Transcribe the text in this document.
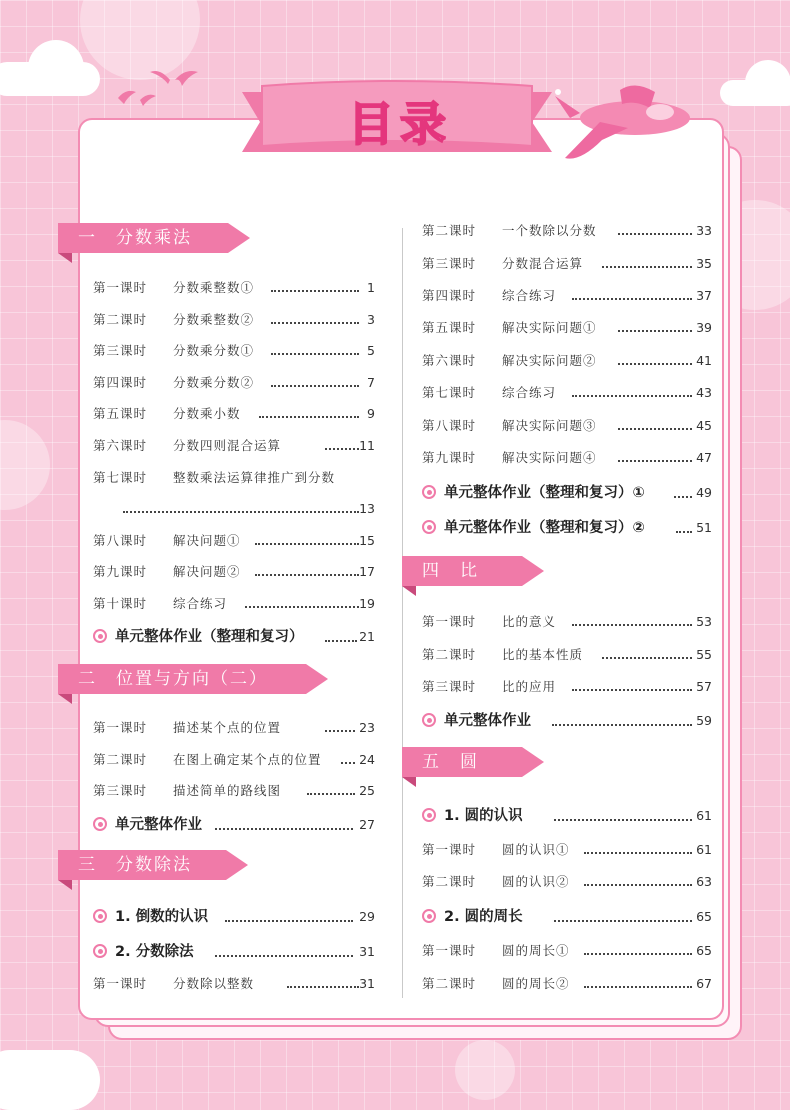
目录
一　分数乘法
第一课时 分数乘整数①	1
第二课时 分数乘整数②	3
第三课时 分数乘分数①	5
第四课时 分数乘分数②	7
第五课时 分数乘小数	9
第六课时 分数四则混合运算	11
第七课时 整数乘法运算律推广到分数
13
第八课时 解决问题①	15
第九课时 解决问题②	17
第十课时 综合练习	19
单元整体作业（整理和复习）	21
二　位置与方向（二）
第一课时 描述某个点的位置	23
第二课时 在图上确定某个点的位置	24
第三课时 描述简单的路线图	25
单元整体作业	27
三　分数除法
1. 倒数的认识	29
2. 分数除法	31
第一课时 分数除以整数	31
第二课时 一个数除以分数	33
第三课时 分数混合运算	35
第四课时 综合练习	37
第五课时 解决实际问题①	39
第六课时 解决实际问题②	41
第七课时 综合练习	43
第八课时 解决实际问题③	45
第九课时 解决实际问题④	47
单元整体作业（整理和复习）①	49
单元整体作业（整理和复习）②	51
四　比
第一课时 比的意义	53
第二课时 比的基本性质	55
第三课时 比的应用	57
单元整体作业	59
五　圆
1. 圆的认识	61
第一课时 圆的认识①	61
第二课时 圆的认识②	63
2. 圆的周长	65
第一课时 圆的周长①	65
第二课时 圆的周长②	67
